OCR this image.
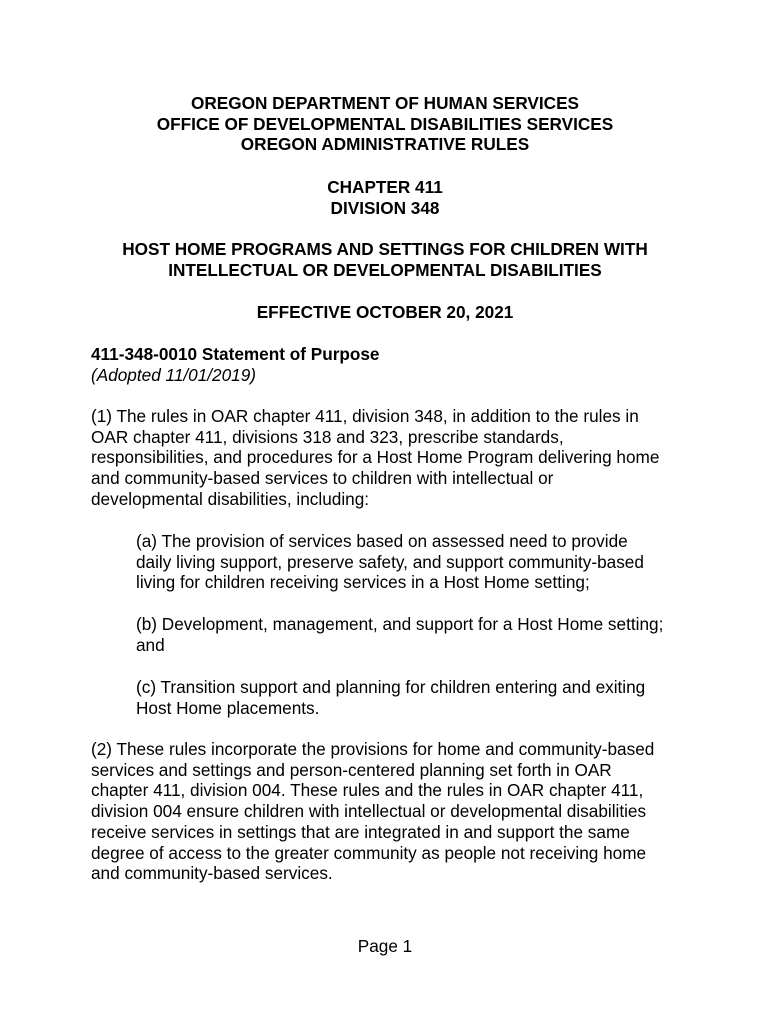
OREGON DEPARTMENT OF HUMAN SERVICES
OFFICE OF DEVELOPMENTAL DISABILITIES SERVICES
OREGON ADMINISTRATIVE RULES
CHAPTER 411
DIVISION 348
HOST HOME PROGRAMS AND SETTINGS FOR CHILDREN WITH
INTELLECTUAL OR DEVELOPMENTAL DISABILITIES
EFFECTIVE OCTOBER 20, 2021
411-348-0010 Statement of Purpose
(Adopted 11/01/2019)
(1) The rules in OAR chapter 411, division 348, in addition to the rules in
OAR chapter 411, divisions 318 and 323, prescribe standards,
responsibilities, and procedures for a Host Home Program delivering home
and community-based services to children with intellectual or
developmental disabilities, including:
(a) The provision of services based on assessed need to provide
daily living support, preserve safety, and support community-based
living for children receiving services in a Host Home setting;
(b) Development, management, and support for a Host Home setting;
and
(c) Transition support and planning for children entering and exiting
Host Home placements.
(2) These rules incorporate the provisions for home and community-based
services and settings and person-centered planning set forth in OAR
chapter 411, division 004. These rules and the rules in OAR chapter 411,
division 004 ensure children with intellectual or developmental disabilities
receive services in settings that are integrated in and support the same
degree of access to the greater community as people not receiving home
and community-based services.
Page 1
